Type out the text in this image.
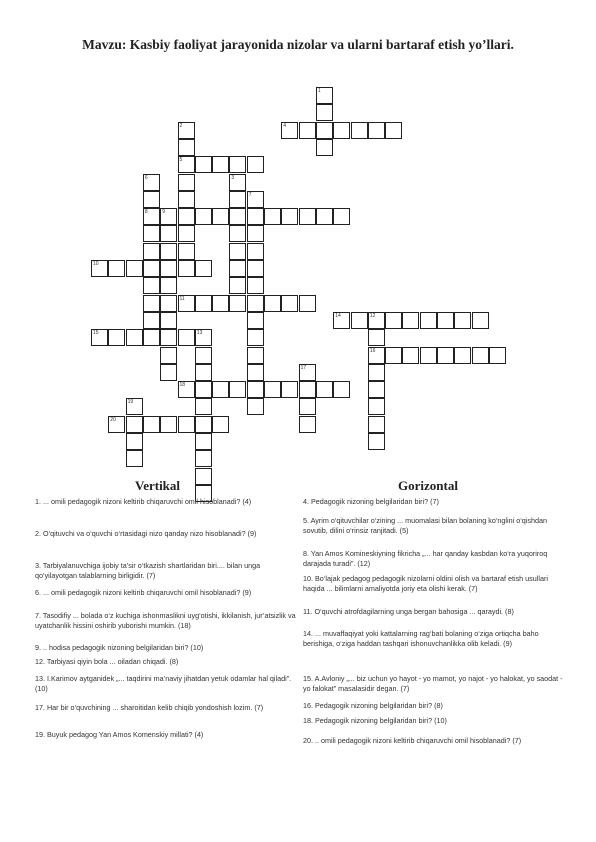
Mavzu: Kasbiy faoliyat jarayonida nizolar va ularni bartaraf etish yo’llari.
1
2
5
3
4
6
8
7
9
10
11
12
16
13
14
15
17
18
19
20
Vertikal	Gorizontal
1. ... omili pedagogik nizoni keltirib chiqaruvchi omil hisoblanadi? (4)
2. O‘qituvchi va o‘quvchi o‘rtasidagi nizo qanday nizo hisoblanadi? (9)
3. Tarbiyalanuvchiga ijobiy ta’sir o‘tkazish shartlaridan biri.... bilan unga qo‘yilayotgan talablarning birligidir. (7)
6. ... omili pedagogik nizoni keltirib chiqaruvchi omil hisoblanadi? (9)
7. Tasodifiy ... bolada o‘z kuchiga ishonmaslikni uyg‘otishi, ikkilanish, jur’atsizlik va uyatchanlik hissini oshirib yuborishi mumkin. (18)
9. .. hodisa pedagogik nizoning belgilaridan biri? (10)
12. Tarbiyasi qiyin bola ... oiladan chiqadi. (8)
13. I.Karimov aytganidek „... taqdirini ma’naviy jihatdan yetuk odamlar hal qiladi”. (10)
17. Har bir o‘quvchining ... sharoitidan kelib chiqib yondoshish lozim. (7)
19. Buyuk pedagog Yan Amos Komenskiy millati? (4)
4. Pedagogik nizoning belgilaridan biri? (7)
5. Ayrim o‘qituvchilar o‘zining ... muomalasi bilan bolaning ko‘nglini o‘qishdan sovutib, dilini o‘rinsiz ranjitadi. (5)
8. Yan Amos Komineskiyning fikricha „... har qanday kasbdan ko‘ra yuqoriroq darajada turadi”. (12)
10. Bo‘lajak pedagog pedagogik nizolarni oldini olish va bartaraf etish usullari haqida ... bilimlarni amaliyotda joriy eta olishi kerak. (7)
11. O‘quvchi atrofdagilarning unga bergan bahosiga ... qaraydi. (8)
14. ... muvaffaqiyat yoki kattalarning rag‘bati bolaning o‘ziga ortiqcha baho berishiga, o‘ziga haddan tashqari ishonuvchanlikka olib keladi. (9)
15. A.Avloniy „... biz uchun yo hayot - yo mamot, yo najot - yo halokat, yo saodat - yo falokat” masalasidir degan. (7)
16. Pedagogik nizoning belgilaridan biri? (8)
18. Pedagogik nizoning belgilaridan biri? (10)
20. .. omili pedagogik nizoni keltirib chiqaruvchi omil hisoblanadi? (7)
